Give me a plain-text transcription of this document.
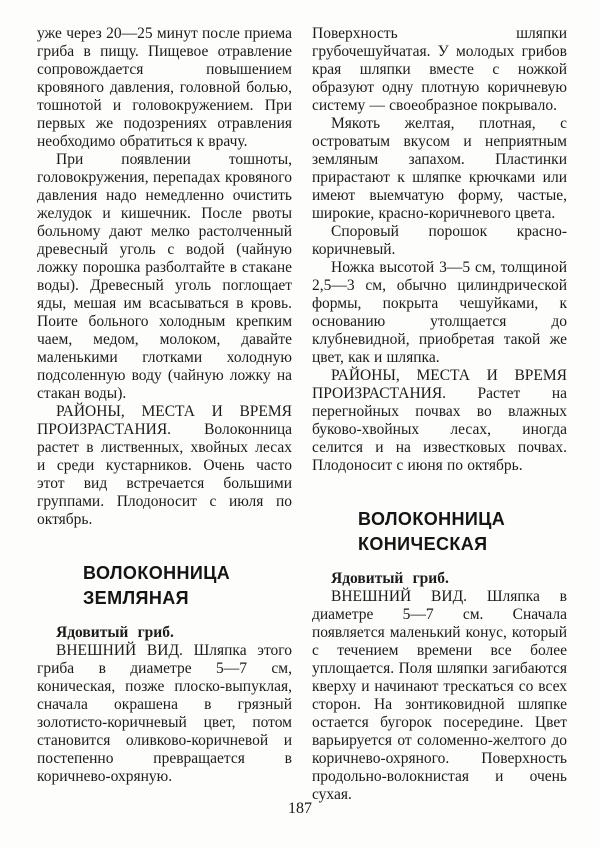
уже через 20—25 минут после приема гриба в пищу. Пищевое отравление сопровождается повышением кровяного давления, головной болью, тошнотой и головокружением. При первых же подозрениях отравления необходимо обратиться к врачу.

При появлении тошноты, головокружения, перепадах кровяного давления надо немедленно очистить желудок и кишечник. После рвоты больному дают мелко растолченный древесный уголь с водой (чайную ложку порошка разболтайте в стакане воды). Древесный уголь поглощает яды, мешая им всасываться в кровь. Поите больного холодным крепким чаем, медом, молоком, давайте маленькими глотками холодную подсоленную воду (чайную ложку на стакан воды).

РАЙОНЫ, МЕСТА И ВРЕМЯ ПРОИЗРАСТАНИЯ. Волоконница растет в лиственных, хвойных лесах и среди кустарников. Очень часто этот вид встречается большими группами. Плодоносит с июля по октябрь.

ВОЛОКОННИЦА
ЗЕМЛЯНАЯ

Ядовитый гриб.

ВНЕШНИЙ ВИД. Шляпка этого гриба в диаметре 5—7 см, коническая, позже плоско-выпуклая, сначала окрашена в грязный золотисто-коричневый цвет, потом становится оливково-коричневой и постепенно превращается в коричнево-охряную.

Поверхность шляпки грубочешуйчатая. У молодых грибов края шляпки вместе с ножкой образуют одну плотную коричневую систему — своеобразное покрывало.

Мякоть желтая, плотная, с островатым вкусом и неприятным земляным запахом. Пластинки прирастают к шляпке крючками или имеют выемчатую форму, частые, широкие, красно-коричневого цвета.

Споровый порошок красно-коричневый.

Ножка высотой 3—5 см, толщиной 2,5—3 см, обычно цилиндрической формы, покрыта чешуйками, к основанию утолщается до клубневидной, приобретая такой же цвет, как и шляпка.

РАЙОНЫ, МЕСТА И ВРЕМЯ ПРОИЗРАСТАНИЯ. Растет на перегнойных почвах во влажных буково-хвойных лесах, иногда селится и на известковых почвах. Плодоносит с июня по октябрь.

ВОЛОКОННИЦА
КОНИЧЕСКАЯ

Ядовитый гриб.

ВНЕШНИЙ ВИД. Шляпка в диаметре 5—7 см. Сначала появляется маленький конус, который с течением времени все более уплощается. Поля шляпки загибаются кверху и начинают трескаться со всех сторон. На зонтиковидной шляпке остается бугорок посередине. Цвет варьируется от соломенно-желтого до коричнево-охряного. Поверхность продольно-волокнистая и очень сухая.

187
